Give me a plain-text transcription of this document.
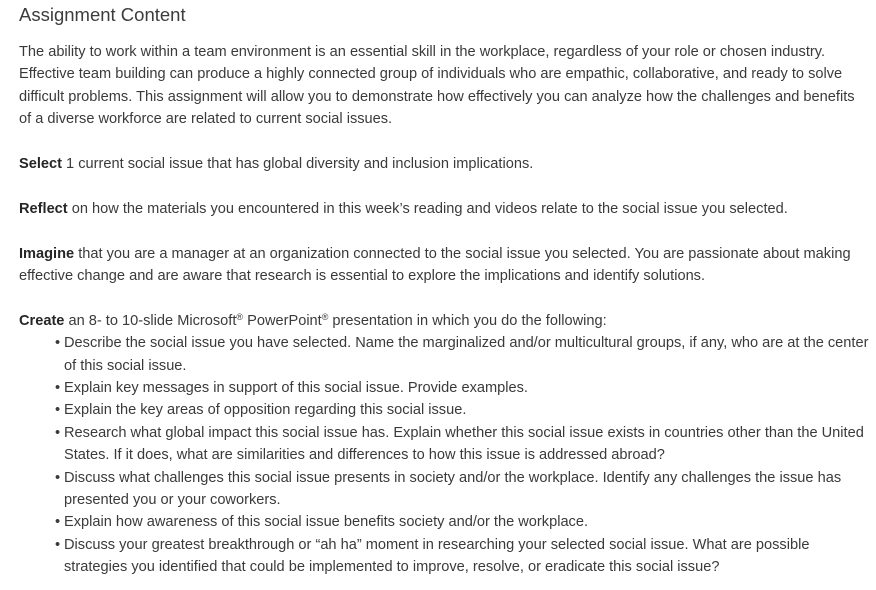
Assignment Content

The ability to work within a team environment is an essential skill in the workplace, regardless of your role or chosen industry. Effective team building can produce a highly connected group of individuals who are empathic, collaborative, and ready to solve difficult problems. This assignment will allow you to demonstrate how effectively you can analyze how the challenges and benefits of a diverse workforce are related to current social issues.

Select 1 current social issue that has global diversity and inclusion implications.

Reflect on how the materials you encountered in this week’s reading and videos relate to the social issue you selected.

Imagine that you are a manager at an organization connected to the social issue you selected. You are passionate about making effective change and are aware that research is essential to explore the implications and identify solutions.

Create an 8- to 10-slide Microsoft® PowerPoint® presentation in which you do the following:

• Describe the social issue you have selected. Name the marginalized and/or multicultural groups, if any, who are at the center of this social issue.
• Explain key messages in support of this social issue. Provide examples.
• Explain the key areas of opposition regarding this social issue.
• Research what global impact this social issue has. Explain whether this social issue exists in countries other than the United States. If it does, what are similarities and differences to how this issue is addressed abroad?
• Discuss what challenges this social issue presents in society and/or the workplace. Identify any challenges the issue has presented you or your coworkers.
• Explain how awareness of this social issue benefits society and/or the workplace.
• Discuss your greatest breakthrough or “ah ha” moment in researching your selected social issue. What are possible strategies you identified that could be implemented to improve, resolve, or eradicate this social issue?
